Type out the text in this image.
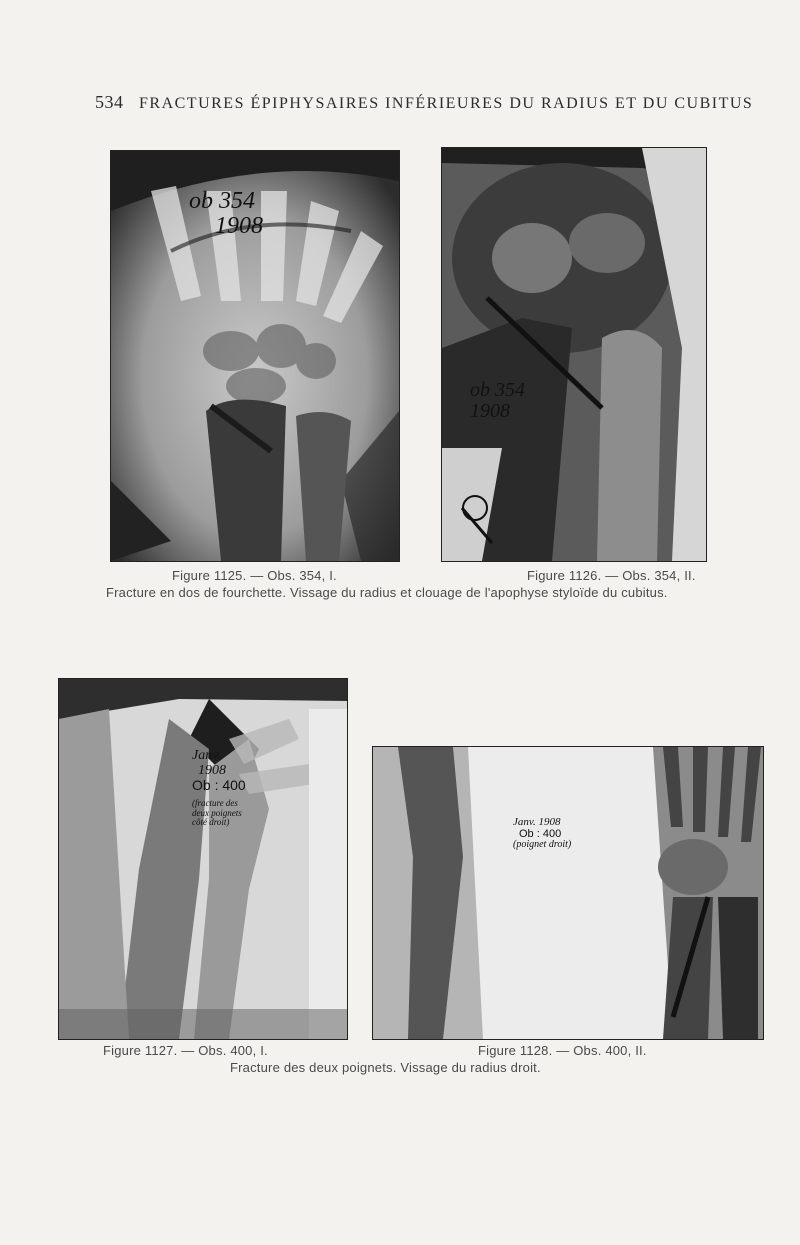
534 FRACTURES ÉPIPHYSAIRES INFÉRIEURES DU RADIUS ET DU CUBITUS
ob 354
1908
ob 354
1908
Figure 1125. — Obs. 354, I.	Figure 1126. — Obs. 354, II.
Fracture en dos de fourchette. Vissage du radius et clouage de l'apophyse styloïde du cubitus.
Janv.
1908
Ob : 400
(fracture des
deux poignets
côté droit)	Janv. 1908
Ob : 400
(poignet droit)
Figure 1127. — Obs. 400, I.	Figure 1128. — Obs. 400, II.
Fracture des deux poignets. Vissage du radius droit.
